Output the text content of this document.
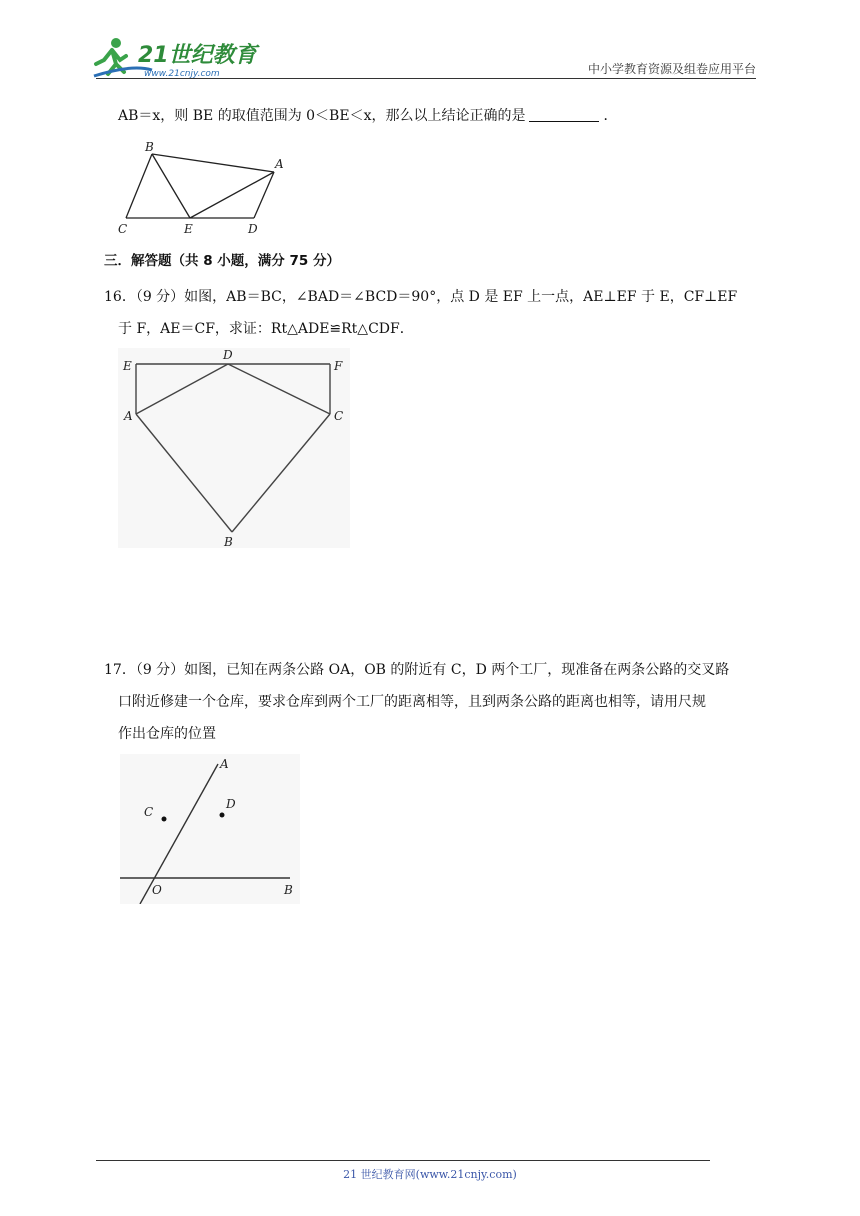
21世纪教育
www.21cnjy.com	中小学教育资源及组卷应用平台
AB＝x，则 BE 的取值范围为 0＜BE＜x，那么以上结论正确的是	．
B
A
C	E	D
三．解答题（共 8 小题，满分 75 分）
16．（9 分）如图，AB＝BC，∠BAD＝∠BCD＝90°，点 D 是 EF 上一点，AE⊥EF 于 E，CF⊥EF
于 F，AE＝CF，求证：Rt△ADE≌Rt△CDF．
E
D
F
A	C
B
17．（9 分）如图，已知在两条公路 OA，OB 的附近有 C，D 两个工厂，现准备在两条公路的交叉路
口附近修建一个仓库，要求仓库到两个工厂的距离相等，且到两条公路的距离也相等，请用尺规
作出仓库的位置
A
C
D
O	B
21 世纪教育网(www.21cnjy.com)
